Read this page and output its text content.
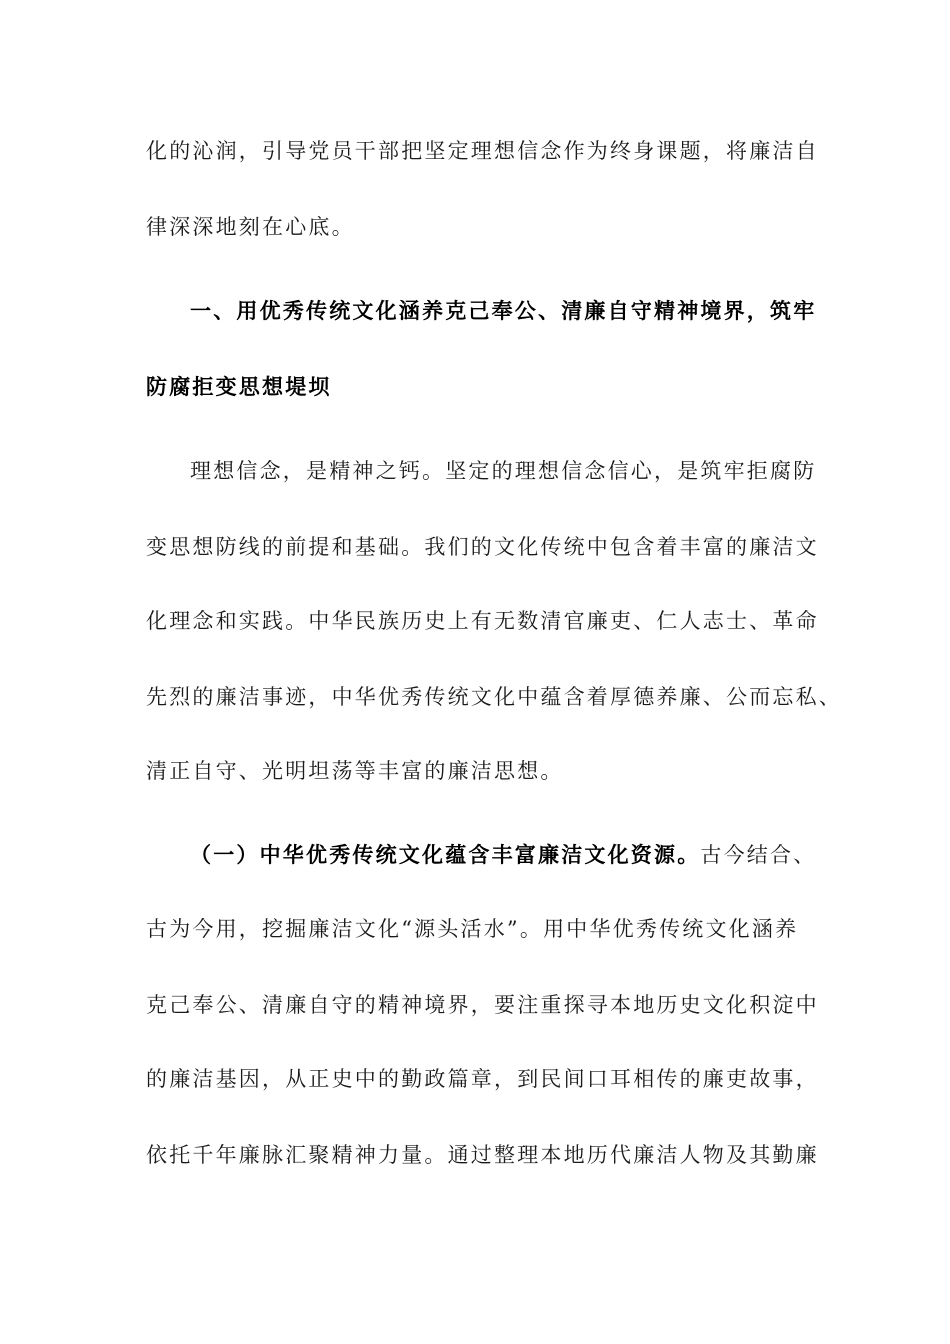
化的沁润，引导党员干部把坚定理想信念作为终身课题，将廉洁自
律深深地刻在心底。
一、用优秀传统文化涵养克己奉公、清廉自守精神境界，筑牢
防腐拒变思想堤坝
理想信念，是精神之钙。坚定的理想信念信心，是筑牢拒腐防
变思想防线的前提和基础。我们的文化传统中包含着丰富的廉洁文
化理念和实践。中华民族历史上有无数清官廉吏、仁人志士、革命
先烈的廉洁事迹，中华优秀传统文化中蕴含着厚德养廉、公而忘私、
清正自守、光明坦荡等丰富的廉洁思想。
（一）中华优秀传统文化蕴含丰富廉洁文化资源。古今结合、
古为今用，挖掘廉洁文化“源头活水”。用中华优秀传统文化涵养
克己奉公、清廉自守的精神境界，要注重探寻本地历史文化积淀中
的廉洁基因，从正史中的勤政篇章，到民间口耳相传的廉吏故事，
依托千年廉脉汇聚精神力量。通过整理本地历代廉洁人物及其勤廉
